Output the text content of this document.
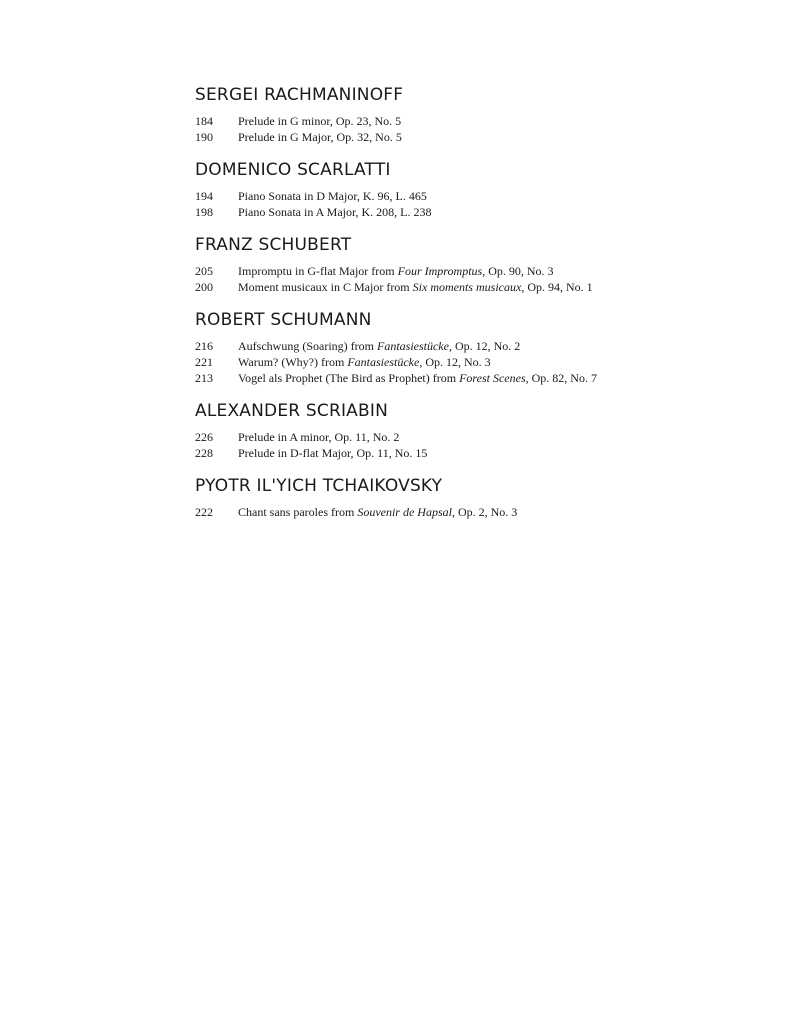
SERGEI RACHMANINOFF
184	Prelude in G minor, Op. 23, No. 5
190	Prelude in G Major, Op. 32, No. 5
DOMENICO SCARLATTI
194	Piano Sonata in D Major, K. 96, L. 465
198	Piano Sonata in A Major, K. 208, L. 238
FRANZ SCHUBERT
205	Impromptu in G-flat Major from Four Impromptus, Op. 90, No. 3
200	Moment musicaux in C Major from Six moments musicaux, Op. 94, No. 1
ROBERT SCHUMANN
216	Aufschwung (Soaring) from Fantasiestücke, Op. 12, No. 2
221	Warum? (Why?) from Fantasiestücke, Op. 12, No. 3
213	Vogel als Prophet (The Bird as Prophet) from Forest Scenes, Op. 82, No. 7
ALEXANDER SCRIABIN
226	Prelude in A minor, Op. 11, No. 2
228	Prelude in D-flat Major, Op. 11, No. 15
PYOTR IL'YICH TCHAIKOVSKY
222	Chant sans paroles from Souvenir de Hapsal, Op. 2, No. 3
